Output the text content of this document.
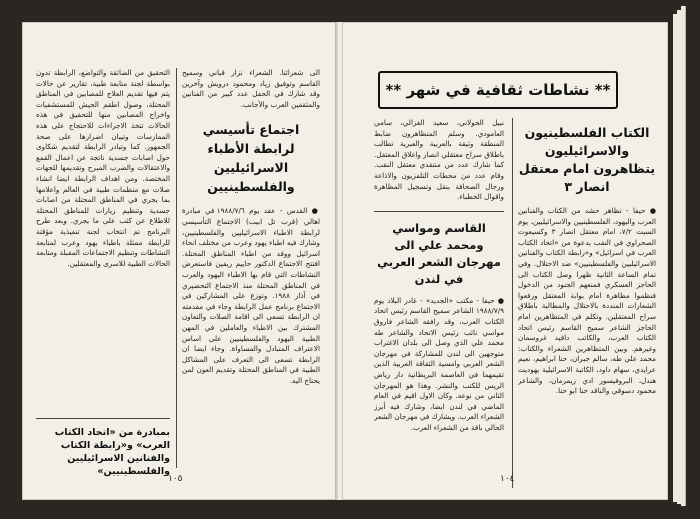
الى شعرائنا. الشعراء نزار قباني وسميح القاسم وتوفيق زياد ومحمود درويش وآخرين وقد شارك في الحفل عدد كبير من الفنانين والمثقفين العرب والأجانب.

اجتماع تأسيسي لرابطة الأطباء الاسرائيليين والفلسطينيين

● القدس - عقد يوم ١٩٨٨/٧/٦ في مبادرة اهالي (قرب تل ابيب) الاجتماع التأسيسي لرابطة الاطباء الاسرائيليين والفلسطينيين، وشارك فيه اطباء يهود وعرب من مختلف انحاء اسرائيل ووفد من اطباء المناطق المحتلة. افتتح الاجتماع الدكتور حاييم ريفين فاستعرض النشاطات التي قام بها الاطباء اليهود والعرب في المناطق المحتلة منذ الاجتماع التحضيري في آذار ١٩٨٨. وتوزع على المشاركين في الاجتماع برنامج عمل الرابطة وجاء في مقدمته ان الرابطة تسعى الى اقامة الصلات والتعاون المشترك بين الاطباء والعاملين في المهن الطبية اليهود والفلسطينيين على اساس الاعتراف المتبادل والمساواة. وجاء ايضا ان الرابطة تسعى الى التعرف على المشاكل الطبية في المناطق المحتلة وتقديم العون لمن يحتاج اليه.

التحقيق من الضائقة والتواضع، الرابطة تدون بواسطة لجنة متابعة طبية، تقارير عن حالات يتم فيها تقديم العلاج للمصابين في المناطق المحتلة، وصول اطقم الجيش للمستشفيات واخراج المصابين منها للتحقيق في هذه الحالات تتخذ الاجراءات للاحتجاج على هذه الممارسات وتبيان اضرارها على صحة الجمهور. كما وتبادر الرابطة لتقديم شكاوى حول اصابات جسدية ناتجة عن اعمال القمع والاعتقالات والضرب المبرح وتقديمها للجهات المختصة. ومن اهداف الرابطة ايضا انشاء صلات مع منظمات طبية في العالم واعلامها بما يجري في المناطق المحتلة من اصابات جسدية وتنظيم زيارات للمناطق المحتلة للاطلاع عن كثب على ما يجري. وبعد طرح البرنامج تم انتخاب لجنة تنفيذية مؤقتة للرابطة ممثلة باطباء يهود وعرب لمتابعة النشاطات وتنظيم الاجتماعات المقبلة ومتابعة الحالات الطبية للاسرى والمعتقلين.

بمبادرة من «اتحاد الكتاب العرب» و«رابطة الكتاب والفنانين الاسرائيليين والفلسطينيين»
١٠٥
** نشاطات ثقافية في شهر **
الكتاب الفلسطينيون والاسرائيليون يتظاهرون امام معتقل انصار ٣

● حيفا - تظاهر حشد من الكتاب والفنانين العرب واليهود، الفلسطينيين والاسرائيليين، يوم السبت ٧/٢، امام معتقل انصار ٣ وكسيعوت الصحراوي في النقب بدعوة من «اتحاد الكتاب العرب في اسرائيل» و«رابطة الكتاب والفنانين الاسرائيليين والفلسطينيين» ضد الاحتلال. وفي تمام الساعة الثانية ظهرا وصل الكتاب الى الحاجز العسكري فمنعهم الجنود من الدخول فنظموا مظاهرة امام بوابة المعتقل ورفعوا الشعارات المنددة بالاحتلال والمطالبة باطلاق سراح المعتقلين. وتكلم في المتظاهرين امام الحاجز الشاعر سميح القاسم رئيس اتحاد الكتاب العرب، والكاتب دافيد غروسمان وغيرهم. وبين المتظاهرين الشعراء والكتاب: محمد علي طه، سالم جبران، حنا ابراهيم، نعيم عرايدي، سهام داود، الكاتبة الاسرائيلية يهوديت هندل، البروفيسور ادي زيمرمان، والشاعر محمود دسوقي والناقد حنا ابو حنا.

نبيل الجولاني، سعيد الغزالي، سامي العامودي. وسلم المتظاهرون ضابط المنطقة وثيقة بالعربية والعبرية تطالب باطلاق سراح معتقلي انصار واغلاق المعتقل. كما شارك عدد من منتقدي معتقل النقب. وقام عدد من محطات التلفزيون والاذاعة ورجال الصحافة بنقل وتسجيل المظاهرة واقوال الخطباء.

القاسم ومواسي ومحمد علي الى مهرجان الشعر العربي في لندن

● حيفا - مكتب «الجديد» - غادر البلاد يوم ١٩٨٨/٧/٩ الشاعر سميح القاسم رئيس اتحاد الكتاب العرب، وقد رافقه الشاعر فاروق مواسي نائب رئيس الاتحاد والشاعر طه محمد علي الذي وصل الى بلدان الاغتراب متوجهين الى لندن للمشاركة في مهرجان الشعر العربي وامسية الثقافة العربية الذين تقيمهما في العاصمة البريطانية دار رياض الريس للكتب والنشر. وهذا هو المهرجان الثاني من نوعه. وكان الاول اقيم في العام الماضي في لندن ايضا، وشارك فيه أبرز الشعراء العرب. ويشارك في مهرجان الشعر الحالي باقة من الشعراء العرب.

١٠٤
